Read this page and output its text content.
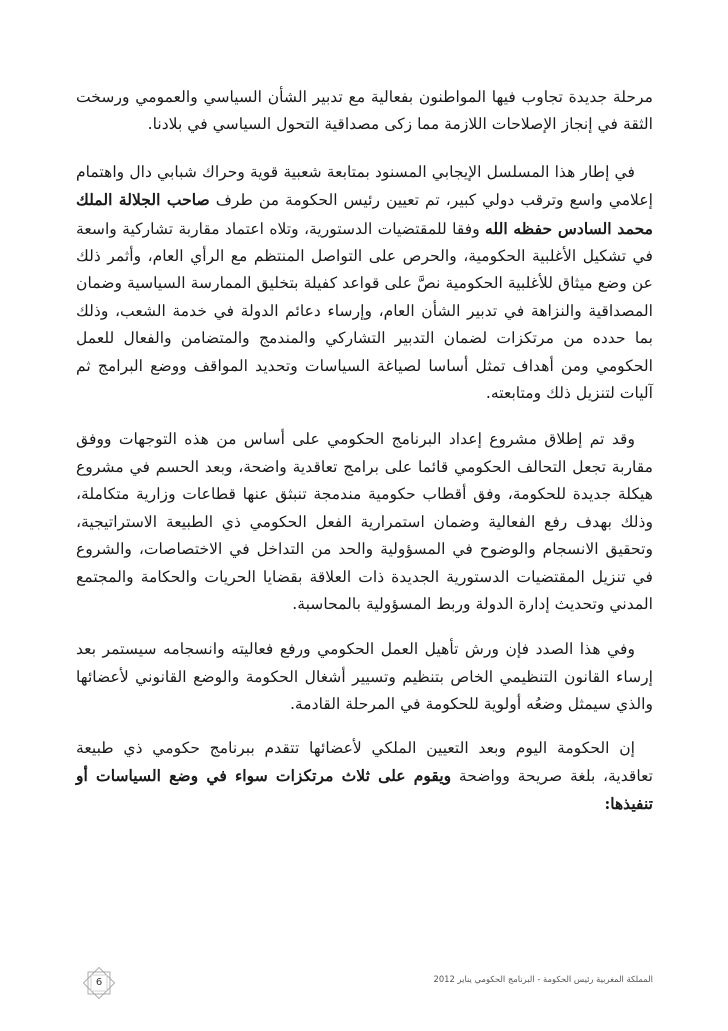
مرحلة جديدة تجاوب فيها المواطنون بفعالية مع تدبير الشأن السياسي والعمومي ورسخت الثقة في إنجاز الإصلاحات اللازمة مما زكى مصداقية التحول السياسي في بلادنا.

في إطار هذا المسلسل الإيجابي المسنود بمتابعة شعبية قوية وحراك شبابي دال واهتمام إعلامي واسع وترقب دولي كبير، تم تعيين رئيس الحكومة من طرف صاحب الجلالة الملك محمد السادس حفظه الله وفقا للمقتضيات الدستورية، وتلاه اعتماد مقاربة تشاركية واسعة في تشكيل الأغلبية الحكومية، والحرص على التواصل المنتظم مع الرأي العام، وأثمر ذلك عن وضع ميثاق للأغلبية الحكومية نصَّ على قواعد كفيلة بتخليق الممارسة السياسية وضمان المصداقية والنزاهة في تدبير الشأن العام، وإرساء دعائم الدولة في خدمة الشعب، وذلك بما حدده من مرتكزات لضمان التدبير التشاركي والمندمج والمتضامن والفعال للعمل الحكومي ومن أهداف تمثل أساسا لصياغة السياسات وتحديد المواقف ووضع البرامج ثم آليات لتنزيل ذلك ومتابعته.

وقد تم إطلاق مشروع إعداد البرنامج الحكومي على أساس من هذه التوجهات ووفق مقاربة تجعل التحالف الحكومي قائما على برامج تعاقدية واضحة، وبعد الحسم في مشروع هيكلة جديدة للحكومة، وفق أقطاب حكومية مندمجة تنبثق عنها قطاعات وزارية متكاملة، وذلك بهدف رفع الفعالية وضمان استمرارية الفعل الحكومي ذي الطبيعة الاستراتيجية، وتحقيق الانسجام والوضوح في المسؤولية والحد من التداخل في الاختصاصات، والشروع في تنزيل المقتضيات الدستورية الجديدة ذات العلاقة بقضايا الحريات والحكامة والمجتمع المدني وتحديث إدارة الدولة وربط المسؤولية بالمحاسبة.

وفي هذا الصدد فإن ورش تأهيل العمل الحكومي ورفع فعاليته وانسجامه سيستمر بعد إرساء القانون التنظيمي الخاص بتنظيم وتسيير أشغال الحكومة والوضع القانوني لأعضائها والذي سيمثل وضعُه أولوية للحكومة في المرحلة القادمة.

إن الحكومة اليوم وبعد التعيين الملكي لأعضائها تتقدم ببرنامج حكومي ذي طبيعة تعاقدية، بلغة صريحة وواضحة ويقوم على ثلاث مرتكزات سواء في وضع السياسات أو تنفيذها:

6	المملكة المغربية رئيس الحكومة - البرنامج الحكومي يناير 2012
